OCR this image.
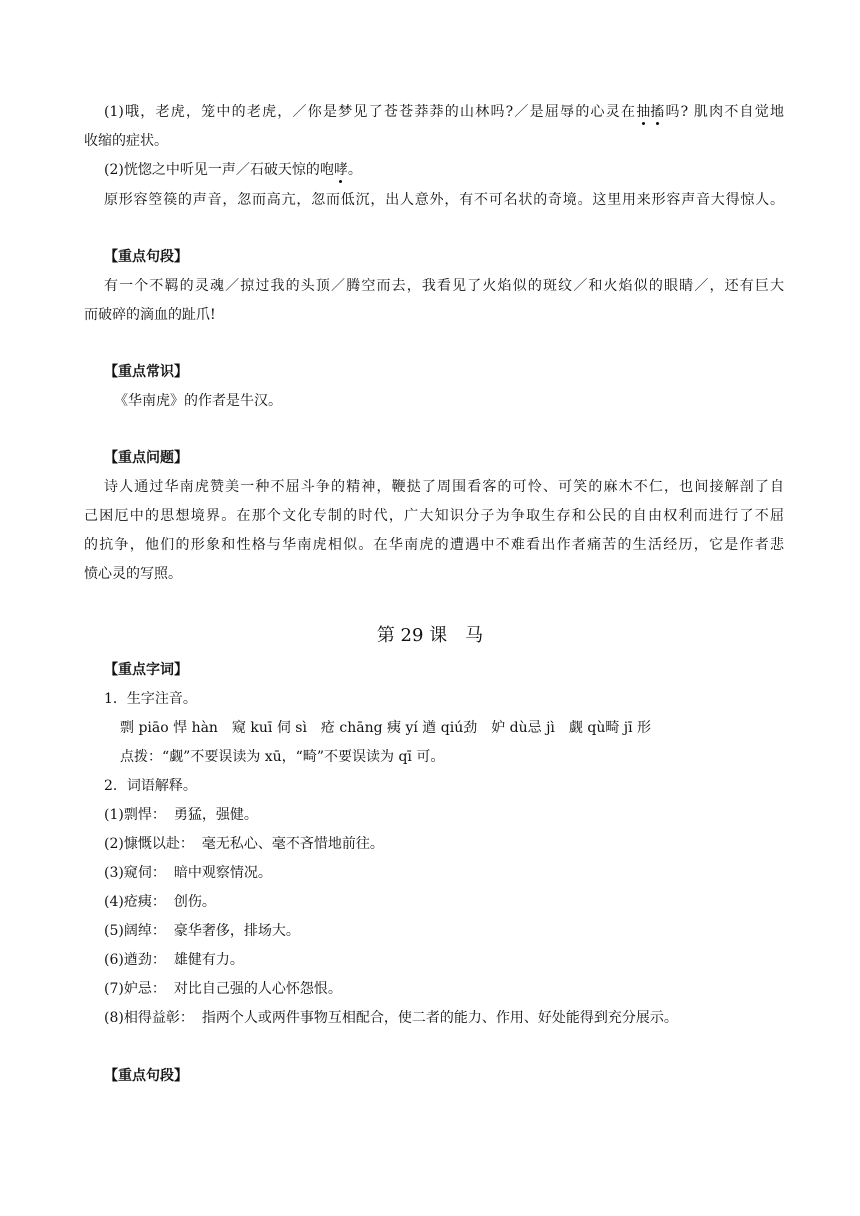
(1)哦，老虎，笼中的老虎，／你是梦见了苍苍莽莽的山林吗?／是屈辱的心灵在抽搐吗? 肌肉不自觉地
收缩的症状。
(2)恍惚之中听见一声／石破天惊的咆哮。
原形容箜篌的声音，忽而高亢，忽而低沉，出人意外，有不可名状的奇境。这里用来形容声音大得惊人。
【重点句段】
有一个不羁的灵魂／掠过我的头顶／腾空而去，我看见了火焰似的斑纹／和火焰似的眼睛／，还有巨大
而破碎的滴血的趾爪!
【重点常识】
《华南虎》的作者是牛汉。
【重点问题】
诗人通过华南虎赞美一种不屈斗争的精神，鞭挞了周围看客的可怜、可笑的麻木不仁，也间接解剖了自
己困厄中的思想境界。在那个文化专制的时代，广大知识分子为争取生存和公民的自由权利而进行了不屈
的抗争，他们的形象和性格与华南虎相似。在华南虎的遭遇中不难看出作者痛苦的生活经历，它是作者悲
愤心灵的写照。
第 29 课　马
【重点字词】
1．生字注音。
剽 piāo 悍 hàn　窥 kuī 伺 sì　疮 chāng 痍 yí 遒 qiú劲　妒 dù忌 jì　觑 qù畸 jī 形
点拨：“觑”不要误读为 xū，“畸”不要误读为 qī 可。
2．词语解释。
(1)剽悍： 勇猛，强健。
(2)慷慨以赴： 毫无私心、毫不吝惜地前往。
(3)窥伺： 暗中观察情况。
(4)疮痍： 创伤。
(5)阔绰： 豪华奢侈，排场大。
(6)遒劲： 雄健有力。
(7)妒忌： 对比自己强的人心怀怨恨。
(8)相得益彰： 指两个人或两件事物互相配合，使二者的能力、作用、好处能得到充分展示。
【重点句段】
